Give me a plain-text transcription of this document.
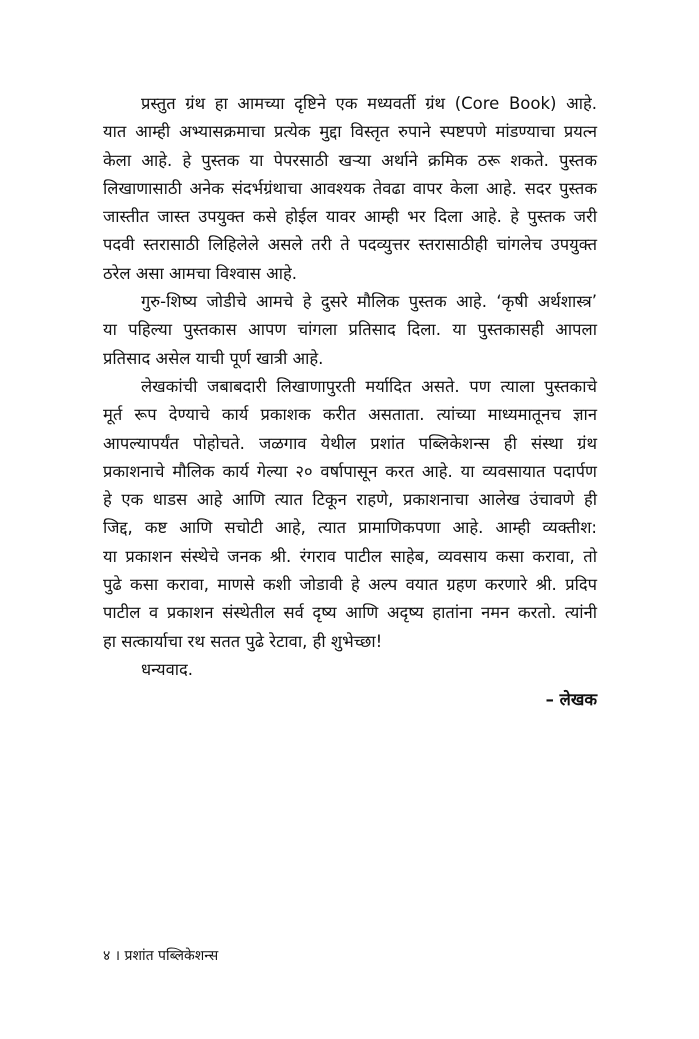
प्रस्तुत ग्रंथ हा आमच्या दृष्टिने एक मध्यवर्ती ग्रंथ (Core Book) आहे.
यात आम्ही अभ्यासक्रमाचा प्रत्येक मुद्दा विस्तृत रुपाने स्पष्टपणे मांडण्याचा प्रयत्न
केला आहे. हे पुस्तक या पेपरसाठी खऱ्या अर्थाने क्रमिक ठरू शकते. पुस्तक
लिखाणासाठी अनेक संदर्भग्रंथाचा आवश्यक तेवढा वापर केला आहे. सदर पुस्तक
जास्तीत जास्त उपयुक्त कसे होईल यावर आम्ही भर दिला आहे. हे पुस्तक जरी
पदवी स्तरासाठी लिहिलेले असले तरी ते पदव्युत्तर स्तरासाठीही चांगलेच उपयुक्त
ठरेल असा आमचा विश्वास आहे.
गुरु-शिष्य जोडीचे आमचे हे दुसरे मौलिक पुस्तक आहे. ‘कृषी अर्थशास्त्र’
या पहिल्या पुस्तकास आपण चांगला प्रतिसाद दिला. या पुस्तकासही आपला
प्रतिसाद असेल याची पूर्ण खात्री आहे.
लेखकांची जबाबदारी लिखाणापुरती मर्यादित असते. पण त्याला पुस्तकाचे
मूर्त रूप देण्याचे कार्य प्रकाशक करीत असताता. त्यांच्या माध्यमातूनच ज्ञान
आपल्यापर्यंत पोहोचते. जळगाव येथील प्रशांत पब्लिकेशन्स ही संस्था ग्रंथ
प्रकाशनाचे मौलिक कार्य गेल्या २० वर्षापासून करत आहे. या व्यवसायात पदार्पण
हे एक धाडस आहे आणि त्यात टिकून राहणे, प्रकाशनाचा आलेख उंचावणे ही
जिद्द, कष्ट आणि सचोटी आहे, त्यात प्रामाणिकपणा आहे. आम्ही व्यक्तीश:
या प्रकाशन संस्थेचे जनक श्री. रंगराव पाटील साहेब, व्यवसाय कसा करावा, तो
पुढे कसा करावा, माणसे कशी जोडावी हे अल्प वयात ग्रहण करणारे श्री. प्रदिप
पाटील व प्रकाशन संस्थेतील सर्व दृष्य आणि अदृष्य हातांना नमन करतो. त्यांनी
हा सत्कार्याचा रथ सतत पुढे रेटावा, ही शुभेच्छा!
धन्यवाद.
– लेखक
४ । प्रशांत पब्लिकेशन्स
